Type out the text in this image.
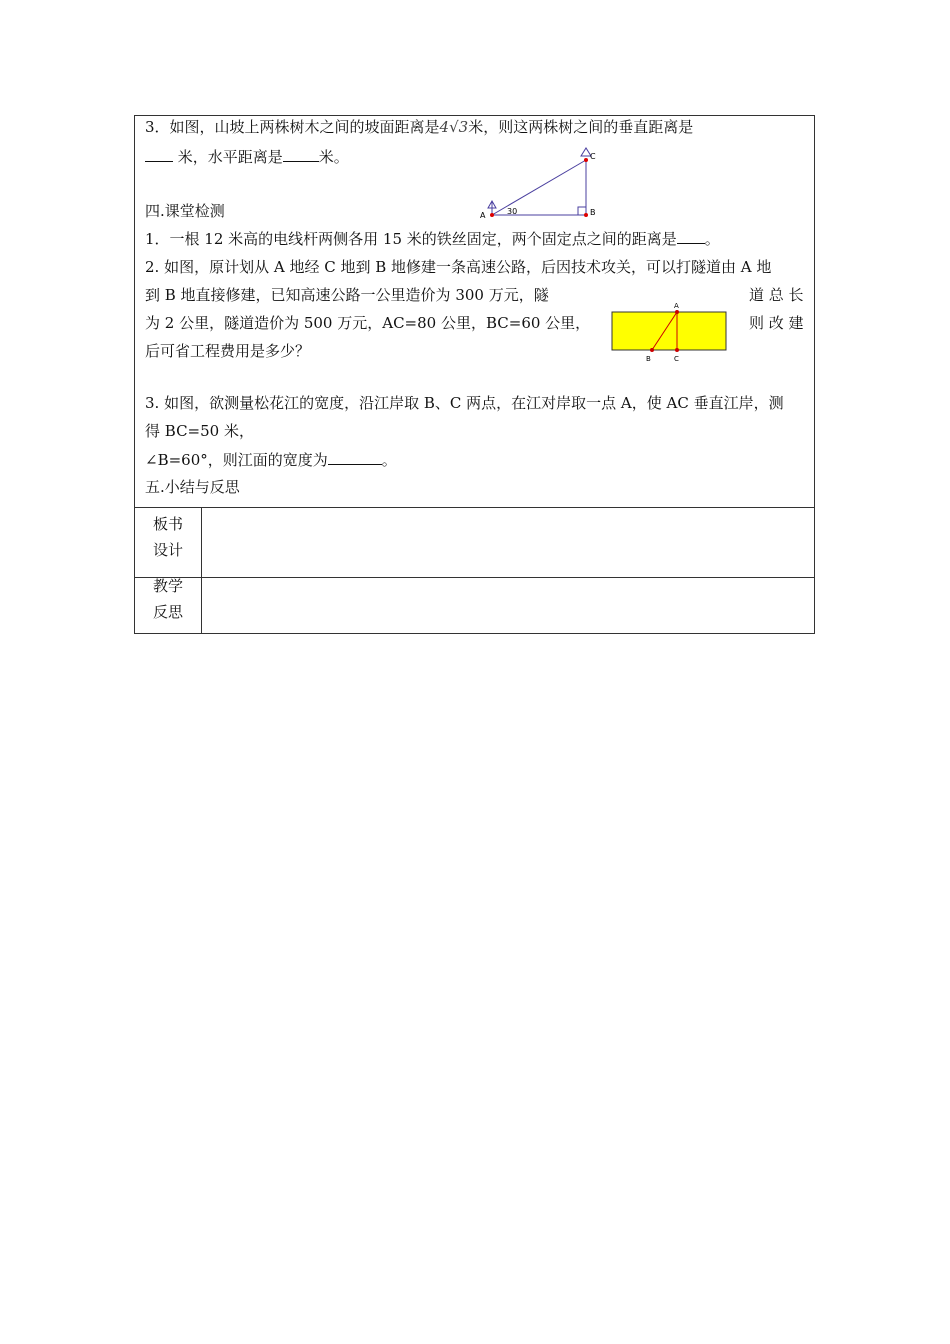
3．如图，山坡上两株树木之间的坡面距离是4√3米，则这两株树之间的垂直距离是
米，水平距离是 米。
A	B
C
30
四.课堂检测
1．一根 12 米高的电线杆两侧各用 15 米的铁丝固定，两个固定点之间的距离是 。
2. 如图，原计划从 A 地经 C 地到 B 地修建一条高速公路，后因技术攻关，可以打隧道由 A 地
到 B 地直接修建，已知高速公路一公里造价为 300 万元，隧	道 总 长
为 2 公里，隧道造价为 500 万元，AC=80 公里，BC=60 公里，	则 改 建
后可省工程费用是多少？
A
B	C
3. 如图，欲测量松花江的宽度，沿江岸取 B、C 两点，在江对岸取一点 A，使 AC 垂直江岸，测
得 BC=50 米，
∠B=60°，则江面的宽度为	。
五.小结与反思
板书
设计
教学
反思
